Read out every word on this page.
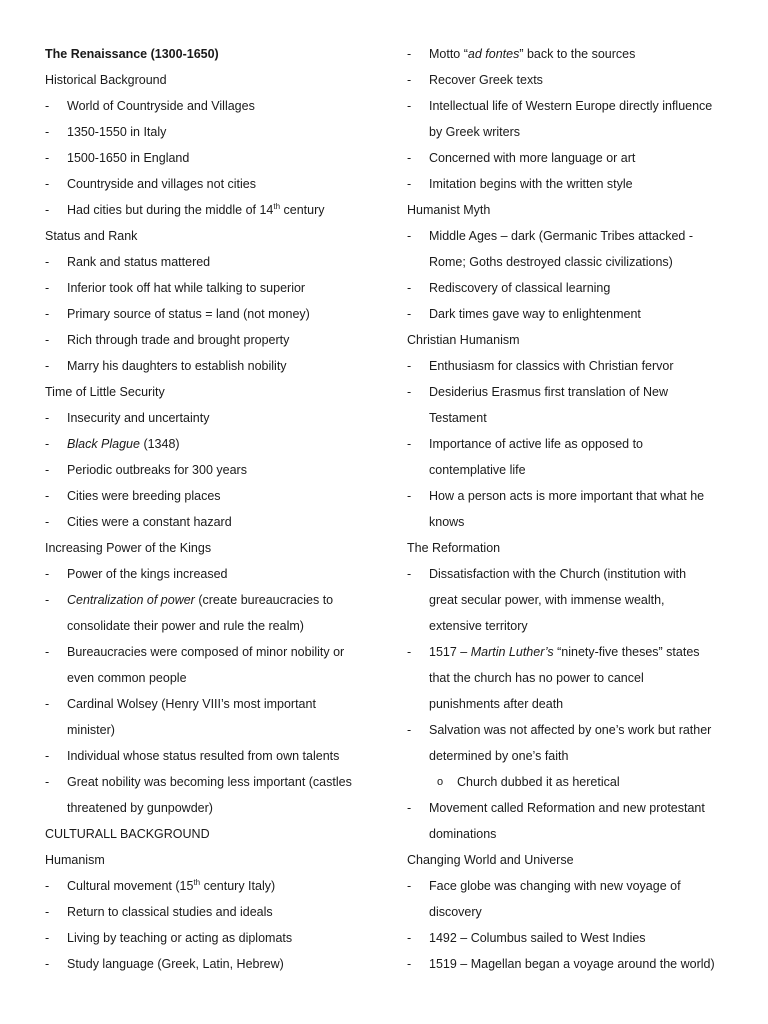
The Renaissance (1300-1650)
Historical Background
-	World of Countryside and Villages
-	1350-1550 in Italy
-	1500-1650 in England
-	Countryside and villages not cities
-	Had cities but during the middle of 14th century
Status and Rank
-	Rank and status mattered
-	Inferior took off hat while talking to superior
-	Primary source of status = land (not money)
-	Rich through trade and brought property
-	Marry his daughters to establish nobility
Time of Little Security
-	Insecurity and uncertainty
-	Black Plague (1348)
-	Periodic outbreaks for 300 years
-	Cities were breeding places
-	Cities were a constant hazard
Increasing Power of the Kings
-	Power of the kings increased
-	Centralization of power (create bureaucracies to
consolidate their power and rule the realm)
-	Bureaucracies were composed of minor nobility or
even common people
-	Cardinal Wolsey (Henry VIII’s most important
minister)
-	Individual whose status resulted from own talents
-	Great nobility was becoming less important (castles
threatened by gunpowder)
CULTURALL BACKGROUND
Humanism
-	Cultural movement (15th century Italy)
-	Return to classical studies and ideals
-	Living by teaching or acting as diplomats
-	Study language (Greek, Latin, Hebrew)
-	Motto “ad fontes” back to the sources
-	Recover Greek texts
-	Intellectual life of Western Europe directly influence
by Greek writers
-	Concerned with more language or art
-	Imitation begins with the written style
Humanist Myth
-	Middle Ages – dark (Germanic Tribes attacked -
Rome; Goths destroyed classic civilizations)
-	Rediscovery of classical learning
-	Dark times gave way to enlightenment
Christian Humanism
-	Enthusiasm for classics with Christian fervor
-	Desiderius Erasmus first translation of New
Testament
-	Importance of active life as opposed to
contemplative life
-	How a person acts is more important that what he
knows
The Reformation
-	Dissatisfaction with the Church (institution with
great secular power, with immense wealth,
extensive territory
-	1517 – Martin Luther’s “ninety-five theses” states
that the church has no power to cancel
punishments after death
-	Salvation was not affected by one’s work but rather
determined by one’s faith
o	Church dubbed it as heretical
-	Movement called Reformation and new protestant
dominations
Changing World and Universe
-	Face globe was changing with new voyage of
discovery
-	1492 – Columbus sailed to West Indies
-	1519 – Magellan began a voyage around the world)
